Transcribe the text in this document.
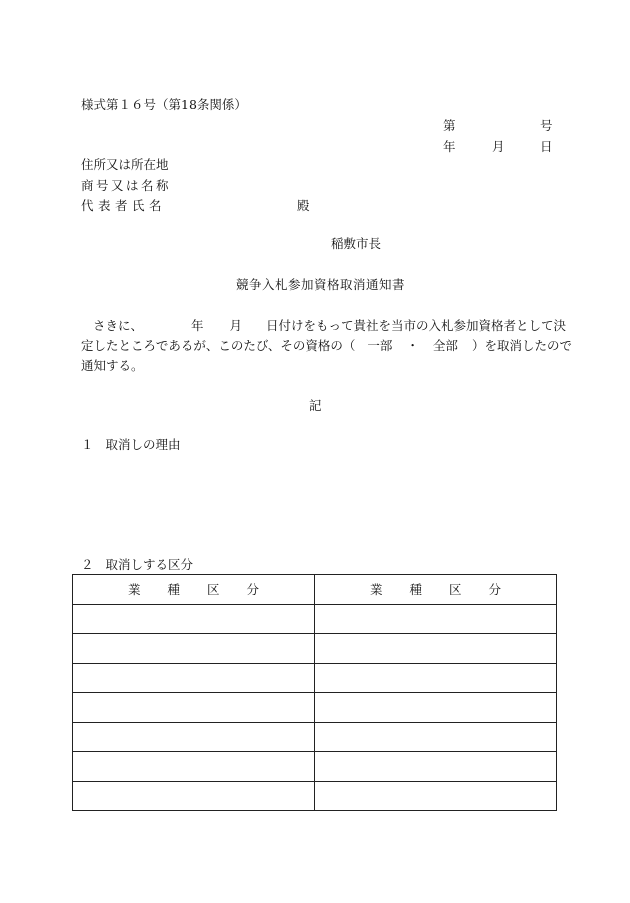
様式第１６号（第18条関係）
第	号
年	月	日
住所又は所在地
商号又は名称
代表者氏名	殿
稲敷市長
競争入札参加資格取消通知書
さきに、	年 月 日付けをもって貴社を当市の入札参加資格者として決
定したところであるが、このたび、その資格の（ 一部 ・ 全部 ）を取消したので
通知する。
記
１ 取消しの理由
２ 取消しする区分
業種区分	業種区分
